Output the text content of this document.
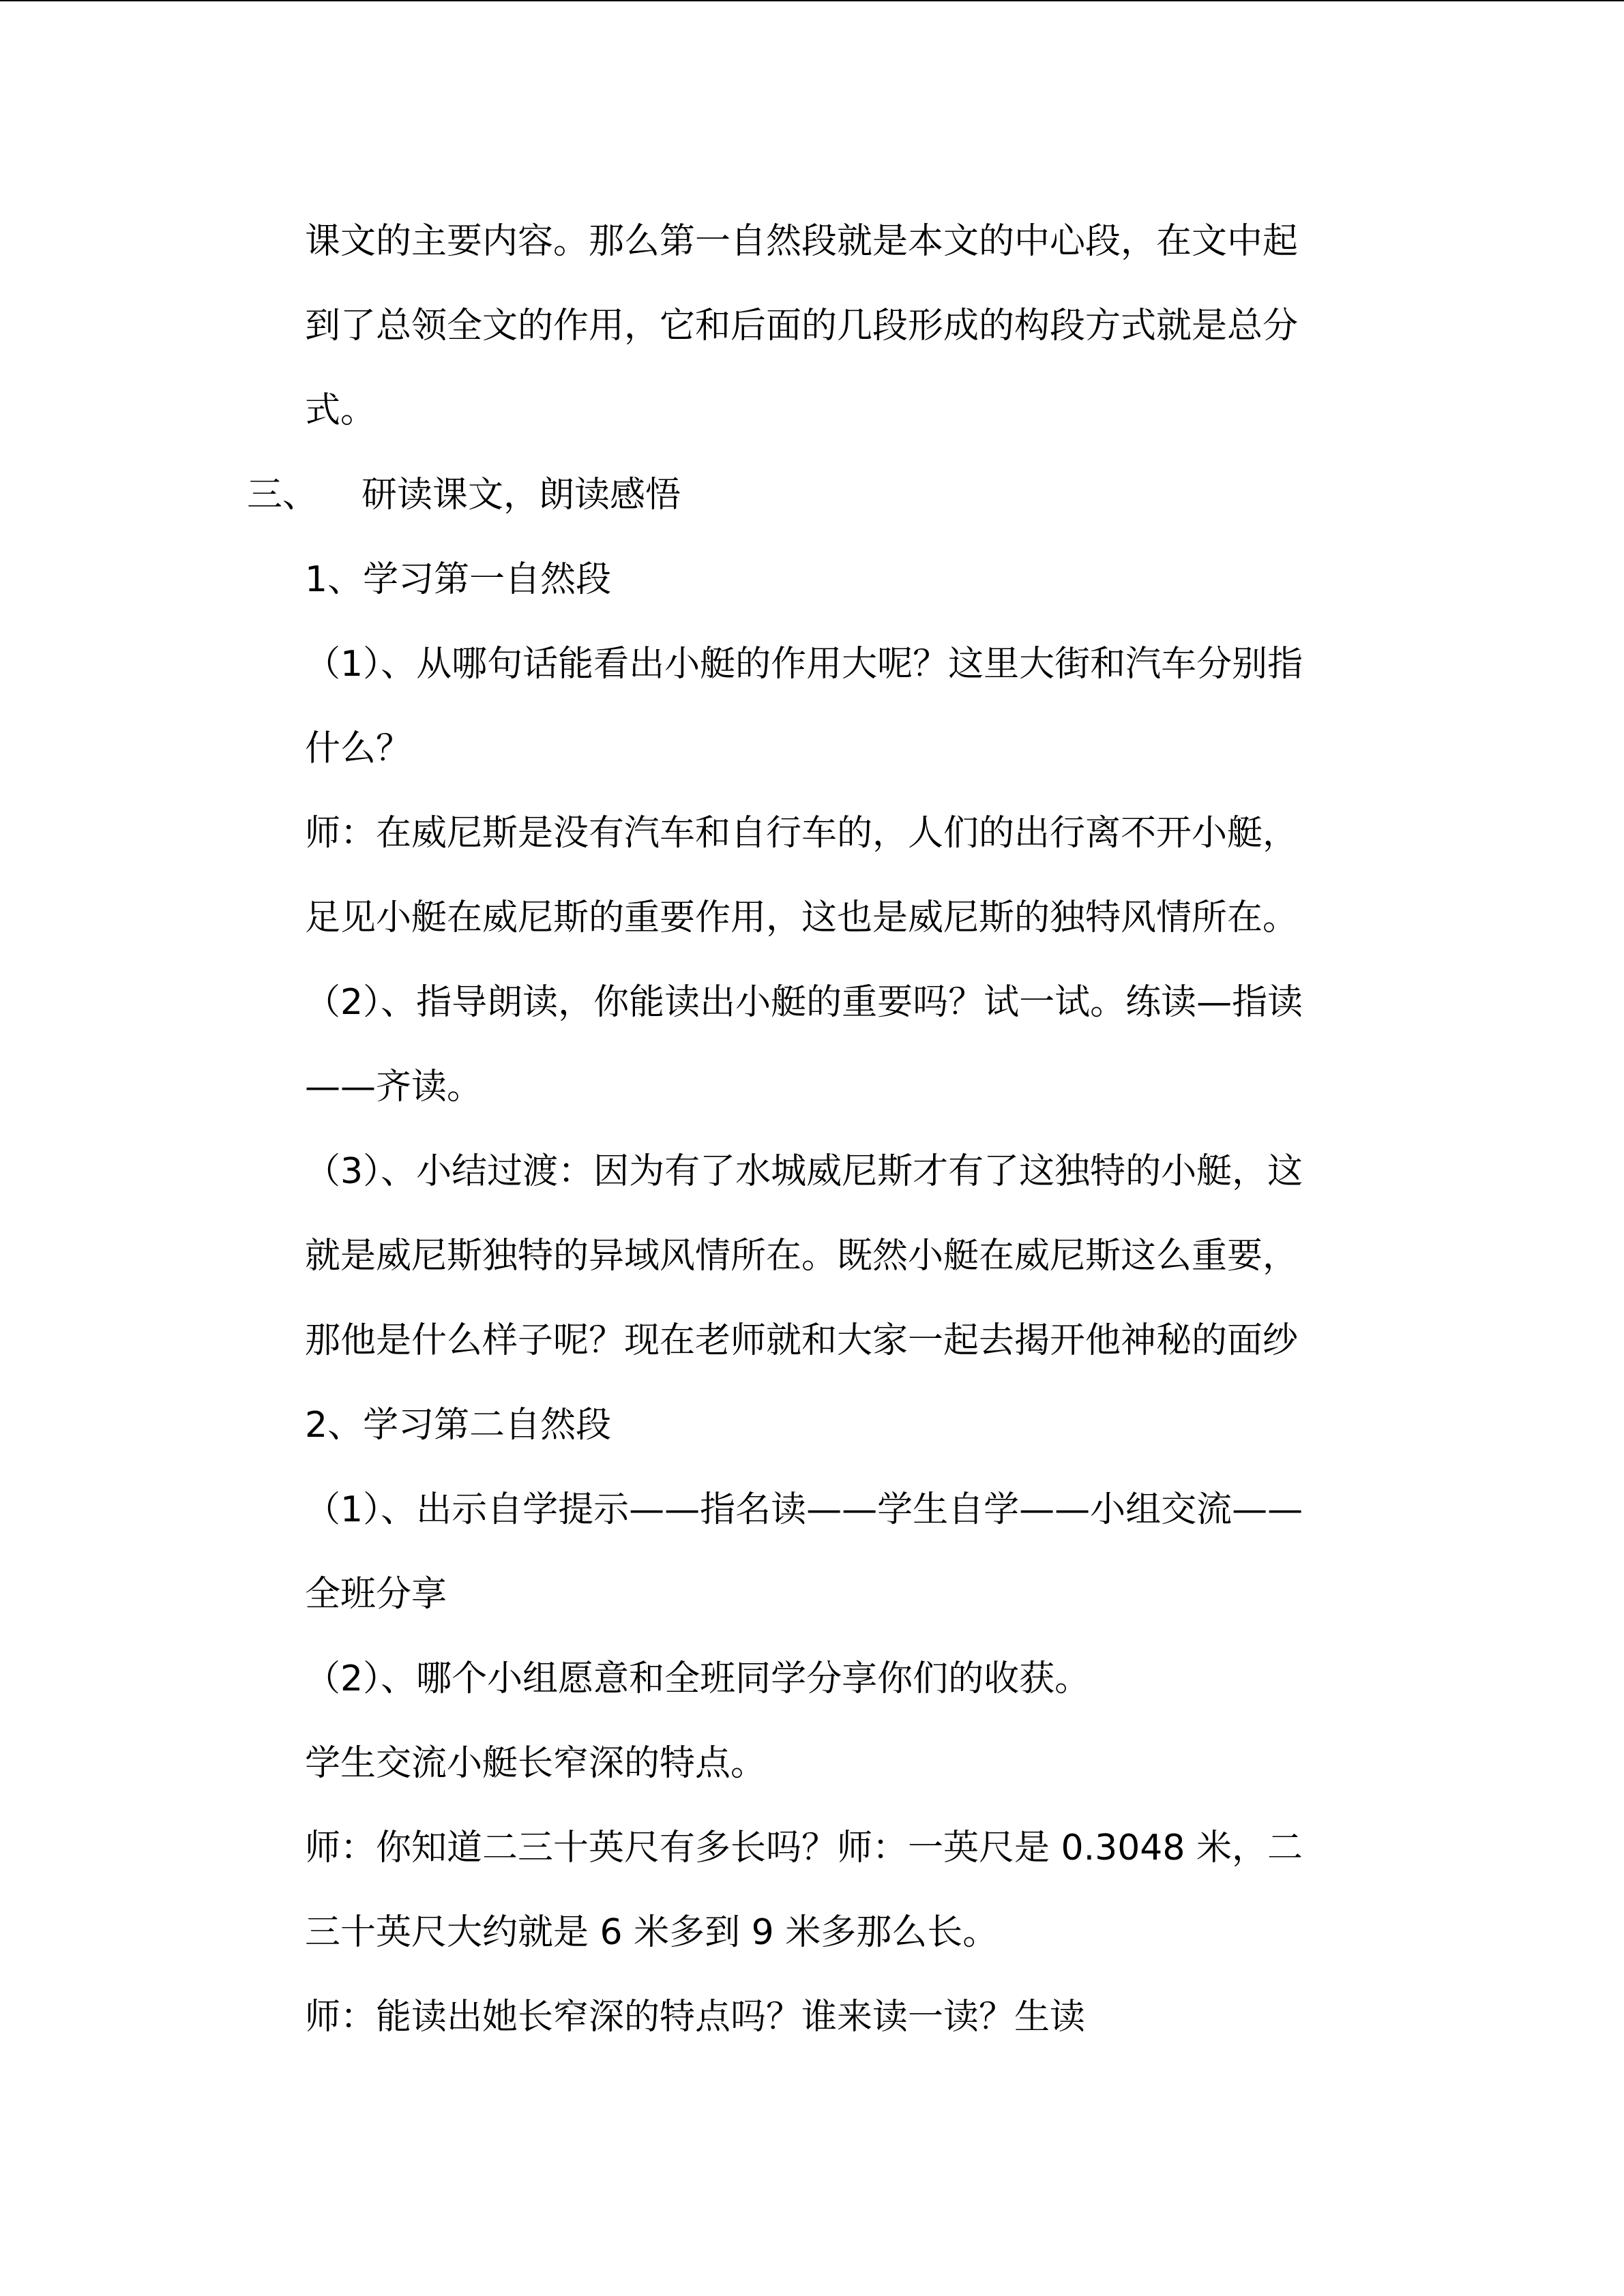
课文的主要内容。那么第一自然段就是本文的中心段，在文中起
到了总领全文的作用，它和后面的几段形成的构段方式就是总分
式。
三、 研读课文，朗读感悟
1、学习第一自然段
（1）、从哪句话能看出小艇的作用大呢？这里大街和汽车分别指
什么？
师：在威尼斯是没有汽车和自行车的，人们的出行离不开小艇，
足见小艇在威尼斯的重要作用，这也是威尼斯的独特风情所在。
（2）、指导朗读，你能读出小艇的重要吗？试一试。练读—指读
——齐读。
（3）、小结过渡：因为有了水城威尼斯才有了这独特的小艇，这
就是威尼斯独特的异域风情所在。既然小艇在威尼斯这么重要，
那他是什么样子呢？现在老师就和大家一起去揭开他神秘的面纱
2、学习第二自然段
（1）、出示自学提示——指名读——学生自学——小组交流——
全班分享
（2）、哪个小组愿意和全班同学分享你们的收获。
学生交流小艇长窄深的特点。
师：你知道二三十英尺有多长吗？师：一英尺是 0.3048 米，二
三十英尺大约就是 6 米多到 9 米多那么长。
师：能读出她长窄深的特点吗？谁来读一读？生读
